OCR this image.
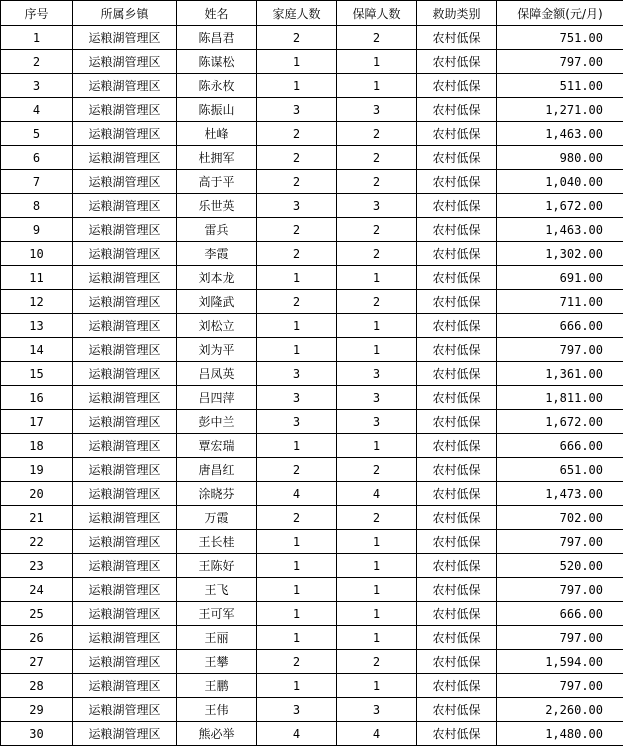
序号	所属乡镇	姓名	家庭人数	保障人数	救助类别	保障金额(元/月)
1	运粮湖管理区	陈昌君	2	2	农村低保	751.00
2	运粮湖管理区	陈谋松	1	1	农村低保	797.00
3	运粮湖管理区	陈永枚	1	1	农村低保	511.00
4	运粮湖管理区	陈振山	3	3	农村低保	1,271.00
5	运粮湖管理区	杜峰	2	2	农村低保	1,463.00
6	运粮湖管理区	杜拥军	2	2	农村低保	980.00
7	运粮湖管理区	高于平	2	2	农村低保	1,040.00
8	运粮湖管理区	乐世英	3	3	农村低保	1,672.00
9	运粮湖管理区	雷兵	2	2	农村低保	1,463.00
10	运粮湖管理区	李霞	2	2	农村低保	1,302.00
11	运粮湖管理区	刘本龙	1	1	农村低保	691.00
12	运粮湖管理区	刘隆武	2	2	农村低保	711.00
13	运粮湖管理区	刘松立	1	1	农村低保	666.00
14	运粮湖管理区	刘为平	1	1	农村低保	797.00
15	运粮湖管理区	吕凤英	3	3	农村低保	1,361.00
16	运粮湖管理区	吕四萍	3	3	农村低保	1,811.00
17	运粮湖管理区	彭中兰	3	3	农村低保	1,672.00
18	运粮湖管理区	覃宏瑞	1	1	农村低保	666.00
19	运粮湖管理区	唐昌红	2	2	农村低保	651.00
20	运粮湖管理区	涂晓芬	4	4	农村低保	1,473.00
21	运粮湖管理区	万霞	2	2	农村低保	702.00
22	运粮湖管理区	王长桂	1	1	农村低保	797.00
23	运粮湖管理区	王陈好	1	1	农村低保	520.00
24	运粮湖管理区	王飞	1	1	农村低保	797.00
25	运粮湖管理区	王可军	1	1	农村低保	666.00
26	运粮湖管理区	王丽	1	1	农村低保	797.00
27	运粮湖管理区	王攀	2	2	农村低保	1,594.00
28	运粮湖管理区	王鹏	1	1	农村低保	797.00
29	运粮湖管理区	王伟	3	3	农村低保	2,260.00
30	运粮湖管理区	熊必举	4	4	农村低保	1,480.00
